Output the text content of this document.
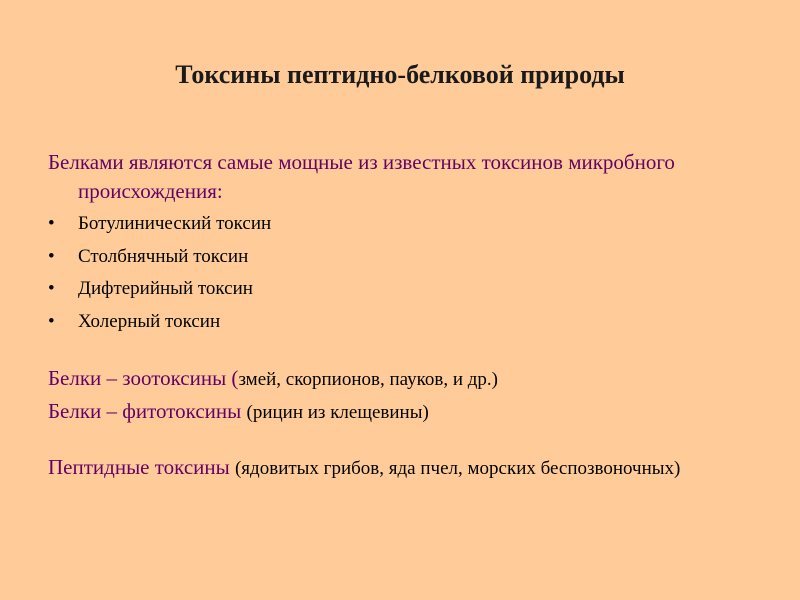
Токсины пептидно-белковой природы

Белками являются самые мощные из известных токсинов микробного происхождения:

• Ботулинический токсин
• Столбнячный токсин
• Дифтерийный токсин
• Холерный токсин

Белки – зоотоксины (змей, скорпионов, пауков, и др.)

Белки – фитотоксины (рицин из клещевины)

Пептидные токсины (ядовитых грибов, яда пчел, морских беспозвоночных)
